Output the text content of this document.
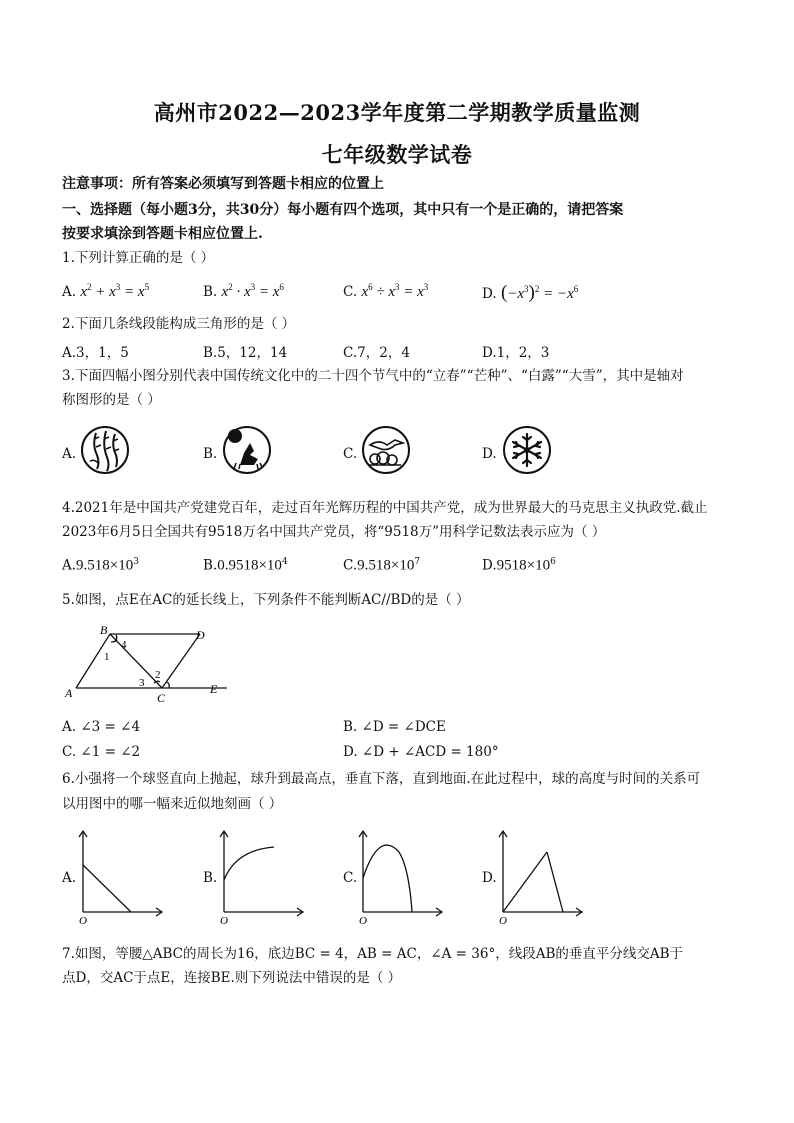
高州市2022—2023学年度第二学期教学质量监测
七年级数学试卷
注意事项：所有答案必须填写到答题卡相应的位置上
一、选择题（每小题3分，共30分）每小题有四个选项，其中只有一个是正确的，请把答案
按要求填涂到答题卡相应位置上.
1.下列计算正确的是（ ）
A. $x^2 + x^3 = x^5$	B. $x^2 \cdot x^3 = x^6$	C. $x^6 \div x^3 = x^3$	D. $(-x^3)^2 = -x^6$
2.下面几条线段能构成三角形的是（ ）
A.3，1，5	B.5，12，14	C.7，2，4	D.1，2，3
3.下面四幅小图分别代表中国传统文化中的二十四个节气中的“立春”“芒种”、“白露”“大雪”，其中是轴对
称图形的是（ ）
A.	B.	C.	D.
4.2021年是中国共产党建党百年，走过百年光辉历程的中国共产党，成为世界最大的马克思主义执政党.截止
2023年6月5日全国共有9518万名中国共产党员，将“9518万”用科学记数法表示应为（ ）
$A.9.518\times 10^3$	$B.0.9518\times 10^4$	$C.9.518\times 10^7$	$D.9518\times 10^6$
5.如图，点E在AC的延长线上，下列条件不能判断AC//BD的是（ ）
B	D
A	C
E
1
4
2
3
A. ∠3 = ∠4	B. ∠D = ∠DCE
C. ∠1 = ∠2	D. ∠D + ∠ACD = 180°
6.小强将一个球竖直向上抛起，球升到最高点，垂直下落，直到地面.在此过程中，球的高度与时间的关系可
以用图中的哪一幅来近似地刻画（ ）
A.
O
B.
O
C.
O
D.
O
7.如图，等腰△ABC的周长为16，底边BC = 4，AB = AC，∠A = 36°，线段AB的垂直平分线交AB于
点D，交AC于点E，连接BE.则下列说法中错误的是（ ）
